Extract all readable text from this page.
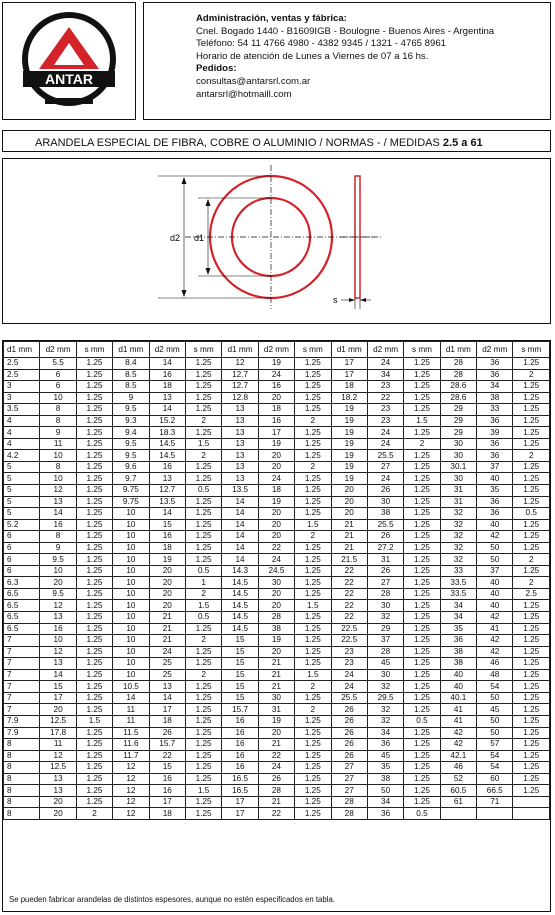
ANTAR
Administración, ventas y fábrica:
Cnel. Bogado 1440 - B1609IGB - Boulogne - Buenos Aires - Argentina
Teléfono: 54 11 4766 4980 - 4382 9345 / 1321 - 4765 8961
Horario de atención de Lunes a Viernes de 07 a 16 hs.
Pedidos:
consultas@antarsrl.com.ar
antarsrl@hotmaill.com
ARANDELA ESPECIAL DE FIBRA, COBRE O ALUMINIO / NORMAS - / MEDIDAS 2.5 a 61
d2 d1
s
d1 mm	d2 mm	s mm	d1 mm	d2 mm	s mm	d1 mm	d2 mm	s mm	d1 mm	d2 mm	s mm	d1 mm	d2 mm	s mm
2.5	5.5	1.25	8.4	14	1.25	12	19	1.25	17	24	1.25	28	36	1.25
2.5	6	1.25	8.5	16	1.25	12.7	24	1.25	17	34	1.25	28	36	2
3	6	1.25	8.5	18	1.25	12.7	16	1.25	18	23	1.25	28.6	34	1.25
3	10	1.25	9	13	1.25	12.8	20	1.25	18.2	22	1.25	28.6	38	1.25
3.5	8	1.25	9.5	14	1.25	13	18	1.25	19	23	1.25	29	33	1.25
4	8	1.25	9.3	15.2	2	13	16	2	19	23	1.5	29	36	1.25
4	9	1.25	9.4	18.3	1.25	13	17	1.25	19	24	1.25	29	39	1.25
4	11	1.25	9.5	14.5	1.5	13	19	1.25	19	24	2	30	36	1.25
4.2	10	1.25	9.5	14.5	2	13	20	1.25	19	25.5	1.25	30	36	2
5	8	1.25	9.6	16	1.25	13	20	2	19	27	1.25	30.1	37	1.25
5	10	1.25	9.7	13	1.25	13	24	1.25	19	24	1.25	30	40	1.25
5	12	1.25	9.75	12.7	0.5	13.5	18	1.25	20	26	1.25	31	35	1.25
5	13	1.25	9.75	13.5	1.25	14	19	1.25	20	30	1.25	31	36	1.25
5	14	1.25	10	14	1.25	14	20	1.25	20	38	1.25	32	36	0.5
5.2	16	1.25	10	15	1.25	14	20	1.5	21	25.5	1.25	32	40	1.25
6	8	1.25	10	16	1.25	14	20	2	21	26	1.25	32	42	1.25
6	9	1.25	10	18	1.25	14	22	1.25	21	27.2	1.25	32	50	1.25
6	9.5	1.25	10	19	1.25	14	24	1.25	21.5	31	1.25	32	50	2
6	10	1.25	10	20	0.5	14.3	24.5	1.25	22	26	1.25	33	37	1.25
6.3	20	1.25	10	20	1	14.5	30	1.25	22	27	1.25	33.5	40	2
6.5	9.5	1.25	10	20	2	14.5	20	1.25	22	28	1.25	33.5	40	2.5
6.5	12	1.25	10	20	1.5	14.5	20	1.5	22	30	1.25	34	40	1.25
6.5	13	1.25	10	21	0.5	14.5	28	1.25	22	32	1.25	34	42	1.25
6.5	16	1.25	10	21	1.25	14.5	38	1.25	22.5	29	1.25	35	41	1.25
7	10	1.25	10	21	2	15	19	1.25	22.5	37	1.25	36	42	1.25
7	12	1.25	10	24	1.25	15	20	1.25	23	28	1.25	38	42	1.25
7	13	1.25	10	25	1.25	15	21	1.25	23	45	1.25	38	46	1.25
7	14	1.25	10	25	2	15	21	1.5	24	30	1.25	40	48	1.25
7	15	1.25	10.5	13	1.25	15	21	2	24	32	1.25	40	54	1.25
7	17	1.25	14	14	1.25	15	30	1.25	25.5	29.5	1.25	40.1	50	1.25
7	20	1.25	11	17	1.25	15.7	31	2	26	32	1.25	41	45	1.25
7.9	12.5	1.5	11	18	1.25	16	19	1.25	26	32	0.5	41	50	1.25
7.9	17.8	1.25	11.5	26	1.25	16	20	1.25	26	34	1.25	42	50	1.25
8	11	1.25	11.6	15.7	1.25	16	21	1.25	26	36	1.25	42	57	1.25
8	12	1.25	11.7	22	1.25	16	22	1.25	26	45	1.25	42.1	54	1.25
8	12.5	1.25	12	15	1.25	16	24	1.25	27	35	1.25	46	54	1.25
8	13	1.25	12	16	1.25	16.5	26	1.25	27	38	1.25	52	60	1.25
8	13	1.25	12	16	1.5	16.5	28	1.25	27	50	1.25	60.5	66.5	1.25
8	20	1.25	12	17	1.25	17	21	1.25	28	34	1.25	61	71	
8	20	2	12	18	1.25	17	22	1.25	28	36	0.5			
Se pueden fabricar arandelas de distintos espesores, aunque no estén especificados en tabla.
